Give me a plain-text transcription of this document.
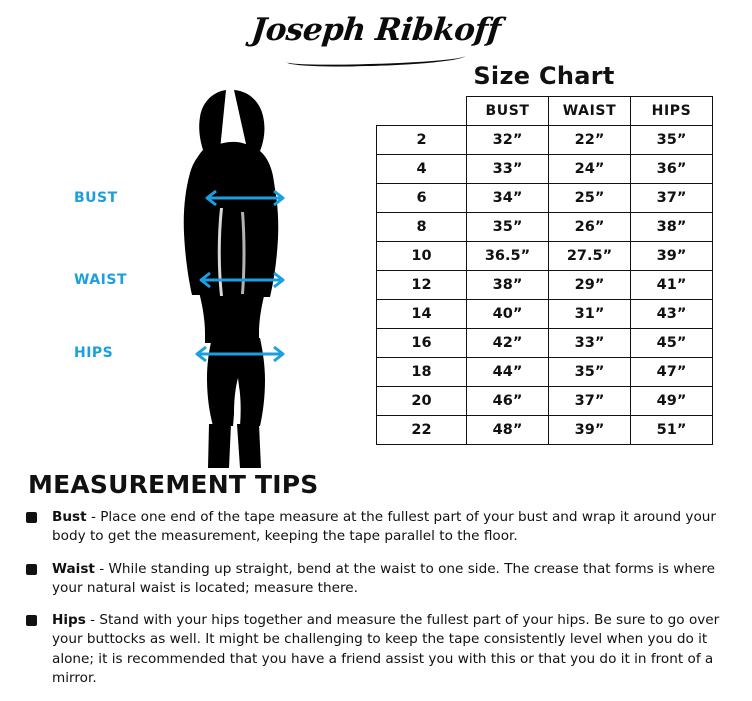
Joseph Ribkoff
BUST
WAIST
HIPS
Size Chart
	BUST	WAIST	HIPS
2	32”	22”	35”
4	33”	24”	36”
6	34”	25”	37”
8	35”	26”	38”
10	36.5”	27.5”	39”
12	38”	29”	41”
14	40”	31”	43”
16	42”	33”	45”
18	44”	35”	47”
20	46”	37”	49”
22	48”	39”	51”
MEASUREMENT TIPS
Bust - Place one end of the tape measure at the fullest part of your bust and wrap it around your body to get the measurement, keeping the tape parallel to the floor.
Waist - While standing up straight, bend at the waist to one side. The crease that forms is where your natural waist is located; measure there.
Hips - Stand with your hips together and measure the fullest part of your hips. Be sure to go over your buttocks as well. It might be challenging to keep the tape consistently level when you do it alone; it is recommended that you have a friend assist you with this or that you do it in front of a mirror.
